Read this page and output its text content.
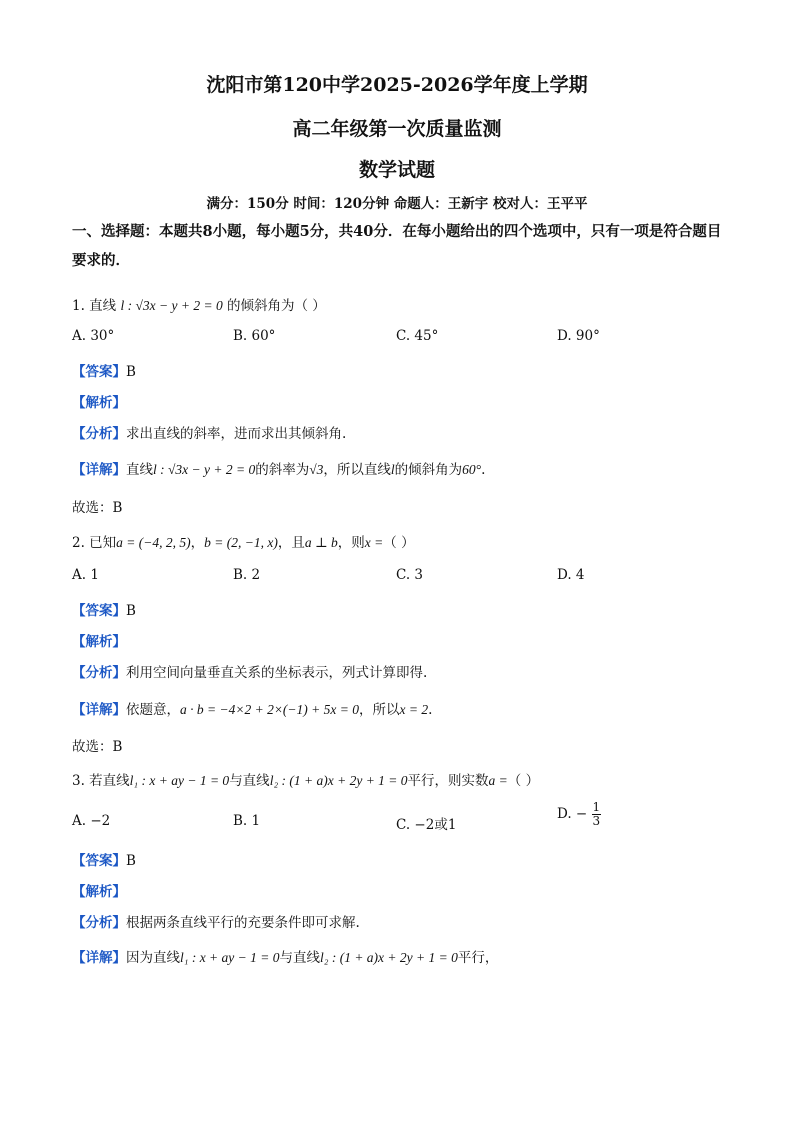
沈阳市第120中学2025-2026学年度上学期
高二年级第一次质量监测
数学试题
满分：150分 时间：120分钟 命题人：王新宇 校对人：王平平
一、选择题：本题共8小题，每小题5分，共40分．在每小题给出的四个选项中，只有一项是符合题目要求的．
1. 直线 l : √3x − y + 2 = 0 的倾斜角为（ ）
A. 30°	B. 60°	C. 45°	D. 90°
【答案】B
【解析】
【分析】求出直线的斜率，进而求出其倾斜角.
【详解】直线l : √3x − y + 2 = 0的斜率为√3，所以直线l的倾斜角为60°.
故选：B
2. 已知a = (−4, 2, 5)，b = (2, −1, x)，且a ⊥ b，则x =（ ）
A. 1	B. 2	C. 3	D. 4
【答案】B
【解析】
【分析】利用空间向量垂直关系的坐标表示，列式计算即得.
【详解】依题意，a · b = −4×2 + 2×(−1) + 5x = 0，所以x = 2.
故选：B
3. 若直线l₁ : x + ay − 1 = 0与直线l₂ : (1 + a)x + 2y + 1 = 0平行，则实数a =（ ）
A. −2	B. 1	C. −2或1
D. − $\frac{1}{3}$
【答案】B
【解析】
【分析】根据两条直线平行的充要条件即可求解.
【详解】因为直线l₁ : x + ay − 1 = 0与直线l₂ : (1 + a)x + 2y + 1 = 0平行，
